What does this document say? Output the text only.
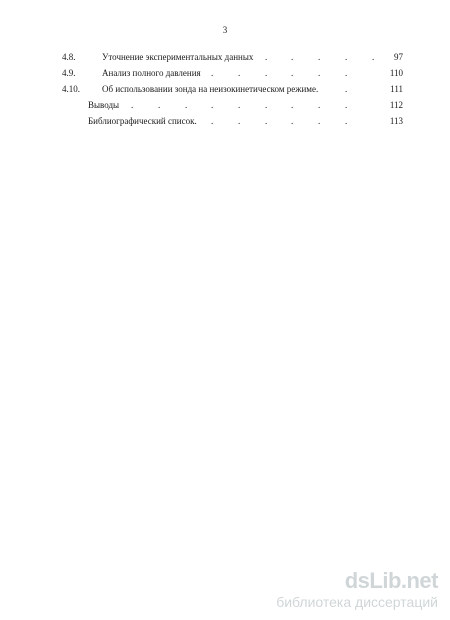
3
4.8.	Уточнение экспериментальных данных .	.	.	.	. 97
4.9.	Анализ полного давления .	.	.	.	.	.	110
4.10. Об использовании зонда на неизокинетическом режиме.	.	111
Выводы .	.	.	.	.	.	.	.	.	112
Библиографический список. .	.	.	.	.	.	113
dsLib.net
библиотека диссертаций
